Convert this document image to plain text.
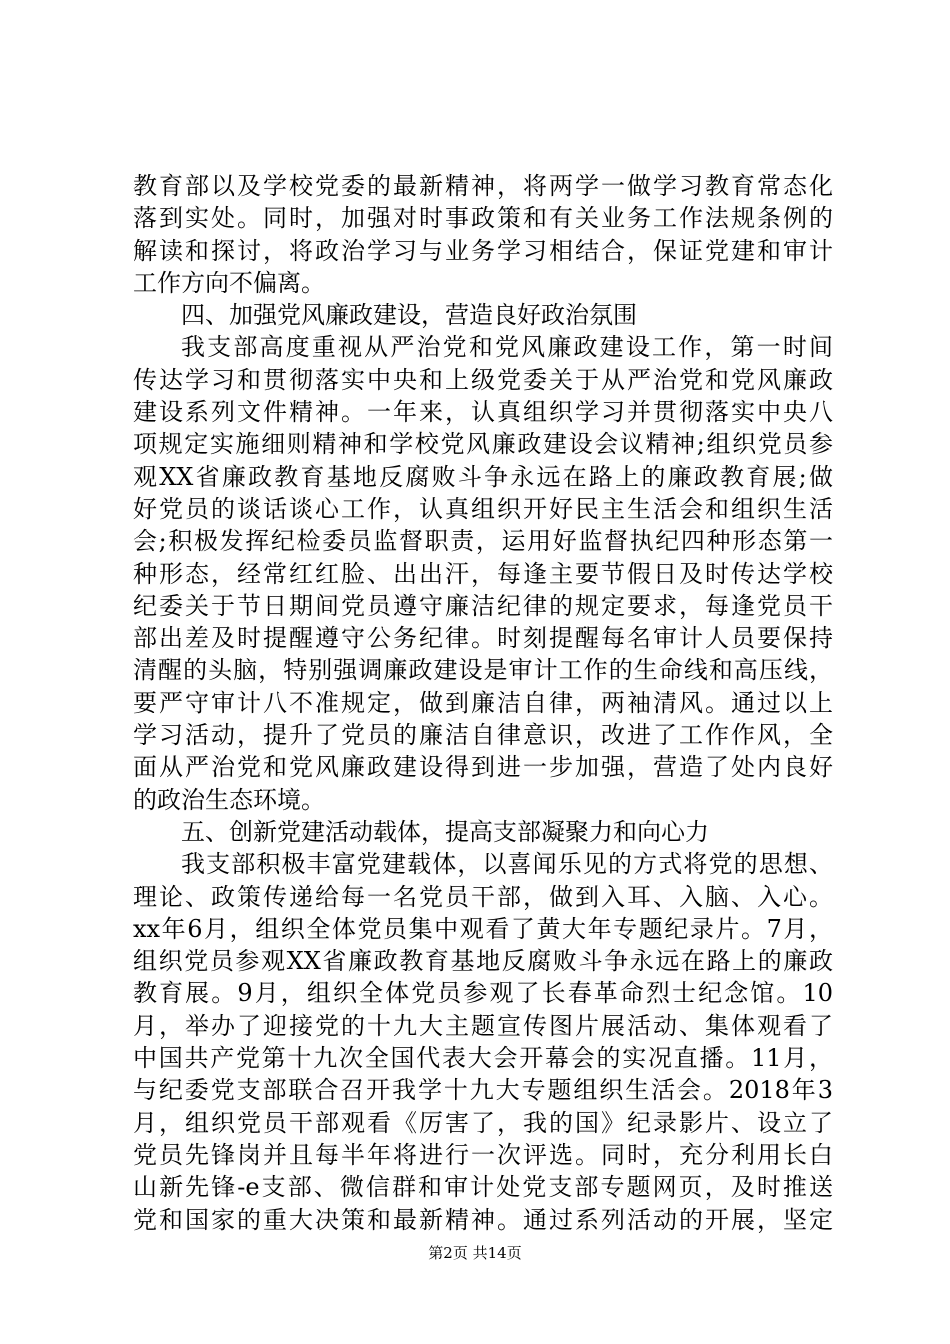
教育部以及学校党委的最新精神，将两学一做学习教育常态化
落到实处。同时，加强对时事政策和有关业务工作法规条例的
解读和探讨，将政治学习与业务学习相结合，保证党建和审计
工作方向不偏离。
四、加强党风廉政建设，营造良好政治氛围
我支部高度重视从严治党和党风廉政建设工作，第一时间
传达学习和贯彻落实中央和上级党委关于从严治党和党风廉政
建设系列文件精神。一年来，认真组织学习并贯彻落实中央八
项规定实施细则精神和学校党风廉政建设会议精神;组织党员参
观XX省廉政教育基地反腐败斗争永远在路上的廉政教育展;做
好党员的谈话谈心工作，认真组织开好民主生活会和组织生活
会;积极发挥纪检委员监督职责，运用好监督执纪四种形态第一
种形态，经常红红脸、出出汗，每逢主要节假日及时传达学校
纪委关于节日期间党员遵守廉洁纪律的规定要求，每逢党员干
部出差及时提醒遵守公务纪律。时刻提醒每名审计人员要保持
清醒的头脑，特别强调廉政建设是审计工作的生命线和高压线，
要严守审计八不准规定，做到廉洁自律，两袖清风。通过以上
学习活动，提升了党员的廉洁自律意识，改进了工作作风，全
面从严治党和党风廉政建设得到进一步加强，营造了处内良好
的政治生态环境。
五、创新党建活动载体，提高支部凝聚力和向心力
我支部积极丰富党建载体，以喜闻乐见的方式将党的思想、
理论、政策传递给每一名党员干部，做到入耳、入脑、入心。
xx年6月，组织全体党员集中观看了黄大年专题纪录片。7月，
组织党员参观XX省廉政教育基地反腐败斗争永远在路上的廉政
教育展。9月，组织全体党员参观了长春革命烈士纪念馆。10
月，举办了迎接党的十九大主题宣传图片展活动、集体观看了
中国共产党第十九次全国代表大会开幕会的实况直播。11月，
与纪委党支部联合召开我学十九大专题组织生活会。2018年3
月，组织党员干部观看《厉害了，我的国》纪录影片、设立了
党员先锋岗并且每半年将进行一次评选。同时，充分利用长白
山新先锋-e支部、微信群和审计处党支部专题网页，及时推送
党和国家的重大决策和最新精神。通过系列活动的开展，坚定
第2页 共14页
